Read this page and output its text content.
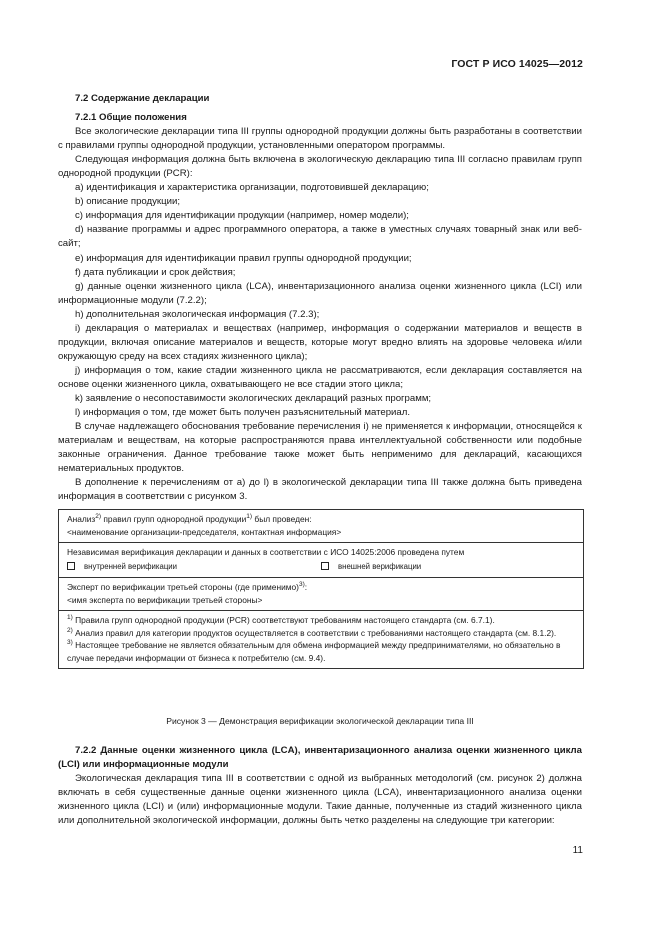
ГОСТ Р ИСО 14025—2012

7.2 Содержание декларации

7.2.1 Общие положения

Все экологические декларации типа III группы однородной продукции должны быть разработаны в соответствии с правилами группы однородной продукции, установленными оператором программы.

Следующая информация должна быть включена в экологическую декларацию типа III согласно правилам групп однородной продукции (PCR):

a) идентификация и характеристика организации, подготовившей декларацию;

b) описание продукции;

c) информация для идентификации продукции (например, номер модели);

d) название программы и адрес программного оператора, а также в уместных случаях товарный знак или веб-сайт;

e) информация для идентификации правил группы однородной продукции;

f) дата публикации и срок действия;

g) данные оценки жизненного цикла (LCA), инвентаризационного анализа оценки жизненного цикла (LCI) или информационные модули (7.2.2);

h) дополнительная экологическая информация (7.2.3);

i) декларация о материалах и веществах (например, информация о содержании материалов и веществ в продукции, включая описание материалов и веществ, которые могут вредно влиять на здоровье человека и/или окружающую среду на всех стадиях жизненного цикла);

j) информация о том, какие стадии жизненного цикла не рассматриваются, если декларация составляется на основе оценки жизненного цикла, охватывающего не все стадии этого цикла;

k) заявление о несопоставимости экологических деклараций разных программ;

l) информация о том, где может быть получен разъяснительный материал.

В случае надлежащего обоснования требование перечисления i) не применяется к информации, относящейся к материалам и веществам, на которые распространяются права интеллектуальной собственности или подобные законные ограничения. Данное требование также может быть неприменимо для деклараций, касающихся нематериальных продуктов.

В дополнение к перечислениям от a) до l) в экологической декларации типа III также должна быть приведена информация в соответствии с рисунком 3.

Анализ$^{2)}$ правил групп однородной продукции$^{1)}$ был проведен:
<наименование организации-председателя, контактная информация>
Независимая верификация декларации и данных в соответствии с ИСО 14025:2006 проведена путем
внутренней верификации	внешней верификации
Эксперт по верификации третьей стороны (где применимо)$^{3)}$:
<имя эксперта по верификации третьей стороны>
$^{1)}$ Правила групп однородной продукции (PCR) соответствуют требованиям настоящего стандарта (см. 6.7.1).
$^{2)}$ Анализ правил для категории продуктов осуществляется в соответствии с требованиями настоящего стандарта (см. 8.1.2).
$^{3)}$ Настоящее требование не является обязательным для обмена информацией между предпринимателями, но обязательно в случае передачи информации от бизнеса к потребителю (см. 9.4).
Рисунок 3 — Демонстрация верификации экологической декларации типа III

7.2.2 Данные оценки жизненного цикла (LCA), инвентаризационного анализа оценки жизненного цикла (LCI) или информационные модули

Экологическая декларация типа III в соответствии с одной из выбранных методологий (см. рисунок 2) должна включать в себя существенные данные оценки жизненного цикла (LCA), инвентаризационного анализа оценки жизненного цикла (LCI) и (или) информационные модули. Такие данные, полученные из стадий жизненного цикла или дополнительной экологической информации, должны быть четко разделены на следующие три категории:

11
